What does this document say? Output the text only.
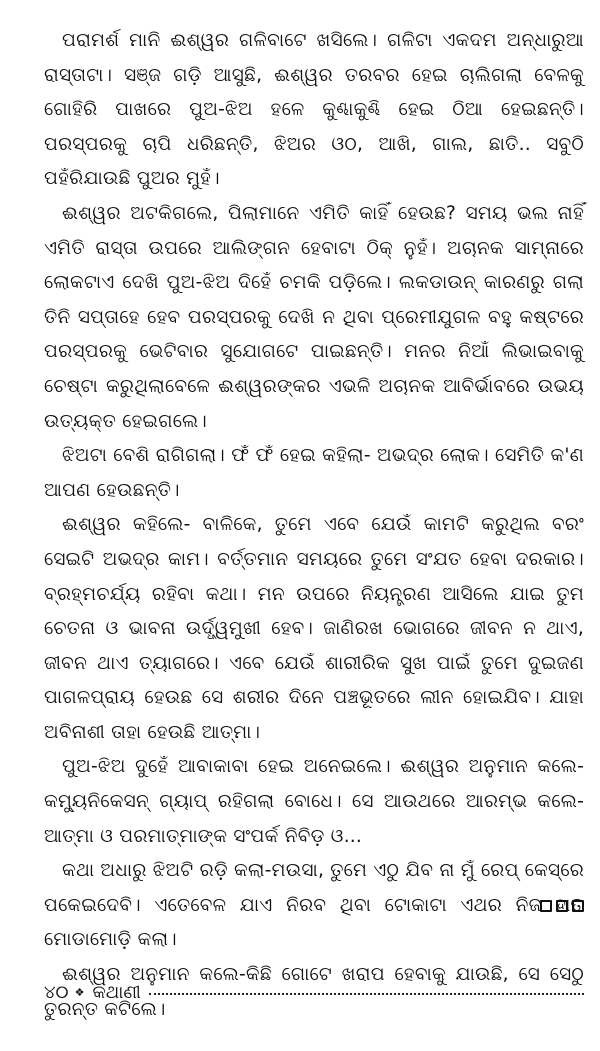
ପରାମର୍ଶ ମାନି ଈଶ୍ୱର ଗଳିବାଟେ ଖସିଲେ। ଗଳିଟା ଏକଦମ ଅନ୍ଧାରୁଆ ରାସ୍ତାଟା। ସଞ୍ଜ ଗଡ଼ି ଆସୁଛି, ଈଶ୍ୱର ତରବର ହେଇ ଚାଲିଗଲା ବେଳକୁ ଗୋହିରି ପାଖରେ ପୁଅ-ଝିଅ ହଳେ କୁଣ୍ଢାକୁଣ୍ଢି ହେଇ ଠିଆ ହେଇଛନ୍ତି। ପରସ୍ପରକୁ ଚାପି ଧରିଛନ୍ତି, ଝିଅର ଓଠ, ଆଖି, ଗାଲ, ଛାତି.. ସବୁଠି ପହଁରିଯାଉଛି ପୁଅର ମୁହଁ।

ଈଶ୍ୱର ଅଟକିଗଲେ, ପିଲାମାନେ ଏମିତି କାହିଁ ହେଉଛ? ସମୟ ଭଲ ନାହିଁ ଏମିତି ରାସ୍ତା ଉପରେ ଆଲିଙ୍ଗନ ହେବାଟା ଠିକ୍ ନୁହଁ। ଅଚାନକ ସାମ୍ନାରେ ଲୋକଟାଏ ଦେଖି ପୁଅ-ଝିଅ ଦିହେଁ ଚମକି ପଡ଼ିଲେ। ଲକଡାଉନ୍ କାରଣରୁ ଗଲା ତିନି ସପ୍ତାହେ ହେବ ପରସ୍ପରକୁ ଦେଖି ନ ଥିବା ପ୍ରେମୀଯୁଗଳ ବହୁ କଷ୍ଟରେ ପରସ୍ପରକୁ ଭେଟିବାର ସୁଯୋଗଟେ ପାଇଛନ୍ତି। ମନର ନିଆଁ ଲିଭାଇବାକୁ ଚେଷ୍ଟା କରୁଥିଲାବେଳେ ଈଶ୍ୱରଙ୍କର ଏଭଳି ଅଚାନକ ଆବିର୍ଭାବରେ ଉଭୟ ଉତ୍ୟକ୍ତ ହେଇଗଲେ।

ଝିଅଟା ବେଶି ରାଗିଗଲା। ଫଁ ଫଁ ହେଇ କହିଲା- ଅଭଦ୍ର ଲୋକ। ସେମିତି କ'ଣ ଆପଣ ହେଉଛନ୍ତି।

ଈଶ୍ୱର କହିଲେ- ବାଳିକେ, ତୁମେ ଏବେ ଯେଉଁ କାମଟି କରୁଥିଲ ବରଂ ସେଇଟି ଅଭଦ୍ର କାମ। ବର୍ତ୍ତମାନ ସମୟରେ ତୁମେ ସଂଯତ ହେବା ଦରକାର। ବ୍ରହ୍ମଚର୍ଯ୍ୟ ରହିବା କଥା। ମନ ଉପରେ ନିୟନ୍ତ୍ରଣ ଆସିଲେ ଯାଇ ତୁମ ଚେତନା ଓ ଭାବନା ଉର୍ଦ୍ଧ୍ୱମୁଖୀ ହେବ। ଜାଣିରଖ ଭୋଗରେ ଜୀବନ ନ ଥାଏ, ଜୀବନ ଥାଏ ତ୍ୟାଗରେ। ଏବେ ଯେଉଁ ଶାରୀରିକ ସୁଖ ପାଇଁ ତୁମେ ଦୁଇଜଣ ପାଗଳପ୍ରାୟ ହେଉଛ ସେ ଶରୀର ଦିନେ ପଞ୍ଚଭୂତରେ ଲୀନ ହୋଇଯିବ। ଯାହା ଅବିନାଶୀ ତାହା ହେଉଛି ଆତ୍ମା।

ପୁଅ-ଝିଅ ଦୁହେଁ ଆବାକାବା ହେଇ ଅନେଇଲେ। ଈଶ୍ୱର ଅନୁମାନ କଲେ- କମ୍ୟୁନିକେସନ୍ ଗ୍ୟାପ୍ ରହିଗଲା ବୋଧେ। ସେ ଆଉଥରେ ଆରମ୍ଭ କଲେ- ଆତ୍ମା ଓ ପରମାତ୍ମାଙ୍କ ସଂପର୍କ ନିବିଡ଼ ଓ...

କଥା ଅଧାରୁ ଝିଅଟି ରଡ଼ି କଲା-ମଉସା, ତୁମେ ଏଠୁ ଯିବ ନା ମୁଁ ରେପ୍ କେସ୍‌ରେ ପକେଇଦେବି। ଏତେବେଳ ଯାଏ ନିରବ ଥିବା ଟୋକାଟା ଏଥର ନିଜ ହାତ ମୋଡାମୋଡ଼ି କଲା।

ଈଶ୍ୱର ଅନୁମାନ କଲେ-କିଛି ଗୋଟେ ଖରାପ ହେବାକୁ ଯାଉଛି, ସେ ସେଠୁ ତୁରନ୍ତ କଟିଲେ।

୪୦ ❖ କଥାଣୀ
